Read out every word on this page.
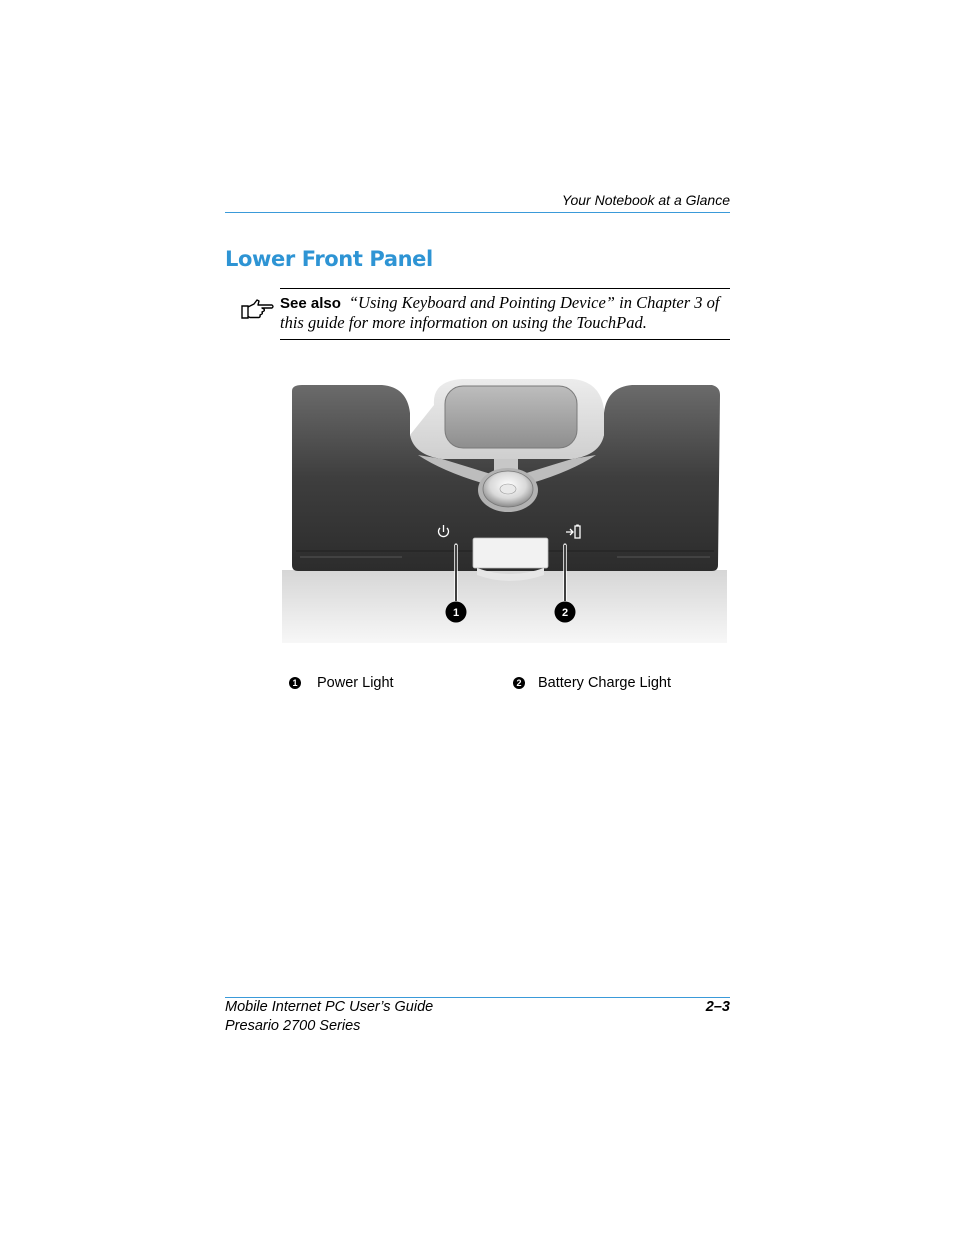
Your Notebook at a Glance
Lower Front Panel
See also “Using Keyboard and Pointing Device” in Chapter 3 of this guide for more information on using the TouchPad.
1	2
1 Power Light	2 Battery Charge Light
Mobile Internet PC User’s Guide
Presario 2700 Series
2–3
